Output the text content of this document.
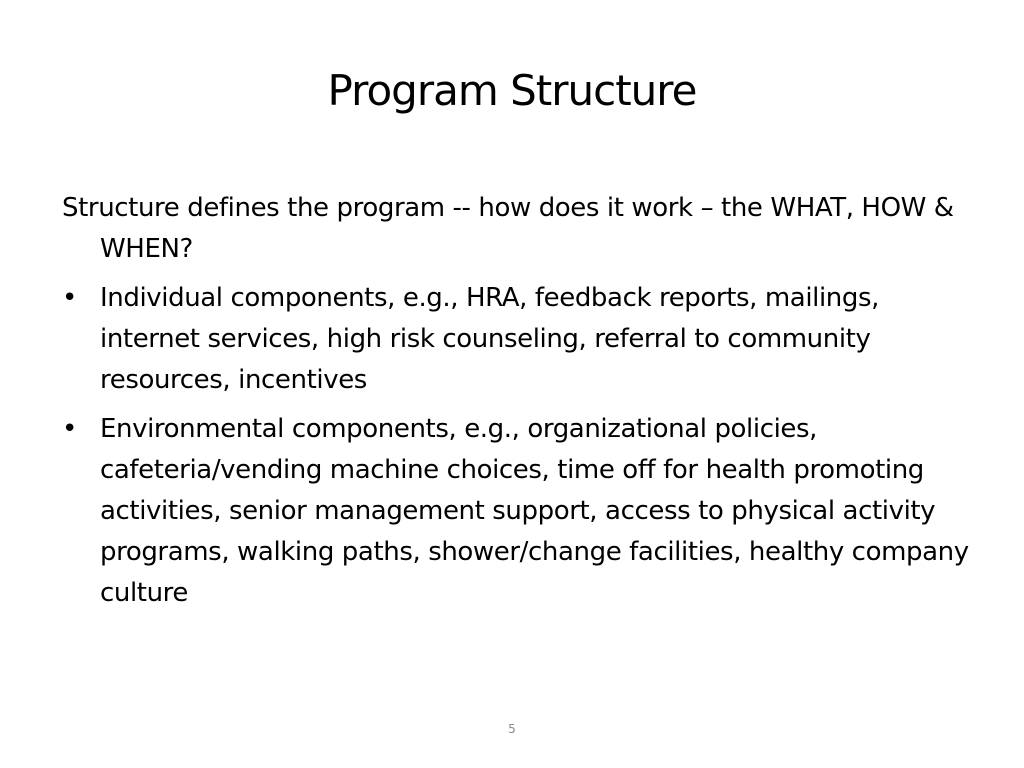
Program Structure

Structure defines the program -- how does it work – the WHAT, HOW & WHEN?

• Individual components, e.g., HRA, feedback reports, mailings, internet services, high risk counseling, referral to community resources, incentives
• Environmental components, e.g., organizational policies, cafeteria/vending machine choices, time off for health promoting activities, senior management support, access to physical activity programs, walking paths, shower/change facilities, healthy company culture
5
